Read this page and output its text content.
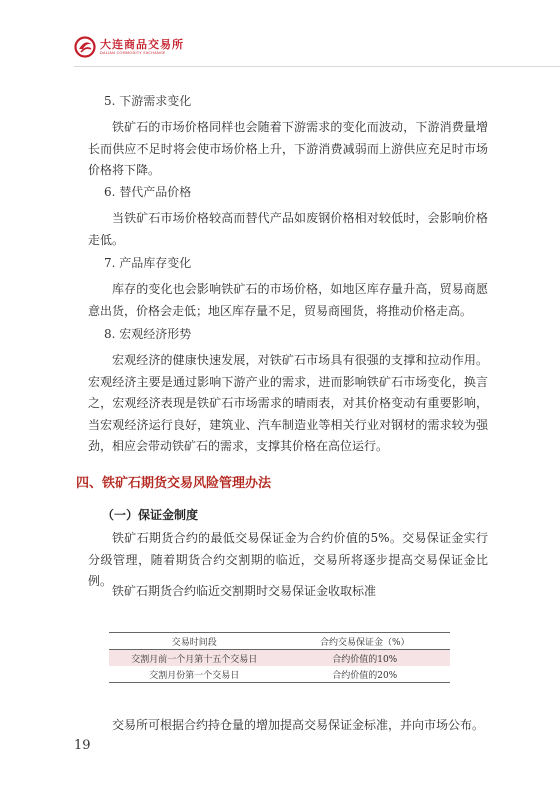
大连商品交易所
DALIAN COMMODITY EXCHANGE
5. 下游需求变化

铁矿石的市场价格同样也会随着下游需求的变化而波动，下游消费量增长而供应不足时将会使市场价格上升，下游消费减弱而上游供应充足时市场价格将下降。

6. 替代产品价格

当铁矿石市场价格较高而替代产品如废钢价格相对较低时，会影响价格走低。

7. 产品库存变化

库存的变化也会影响铁矿石的市场价格，如地区库存量升高，贸易商愿意出货，价格会走低；地区库存量不足，贸易商囤货，将推动价格走高。

8. 宏观经济形势

宏观经济的健康快速发展，对铁矿石市场具有很强的支撑和拉动作用。宏观经济主要是通过影响下游产业的需求，进而影响铁矿石市场变化，换言之，宏观经济表现是铁矿石市场需求的晴雨表，对其价格变动有重要影响，当宏观经济运行良好，建筑业、汽车制造业等相关行业对钢材的需求较为强劲，相应会带动铁矿石的需求，支撑其价格在高位运行。

四、铁矿石期货交易风险管理办法
（一）保证金制度

铁矿石期货合约的最低交易保证金为合约价值的5%。交易保证金实行分级管理，随着期货合约交割期的临近，交易所将逐步提高交易保证金比例。

铁矿石期货合约临近交割期时交易保证金收取标准

交易时间段	合约交易保证金（%）
交割月前一个月第十五个交易日	合约价值的10%
交割月份第一个交易日	合约价值的20%

交易所可根据合约持仓量的增加提高交易保证金标准，并向市场公布。

19
